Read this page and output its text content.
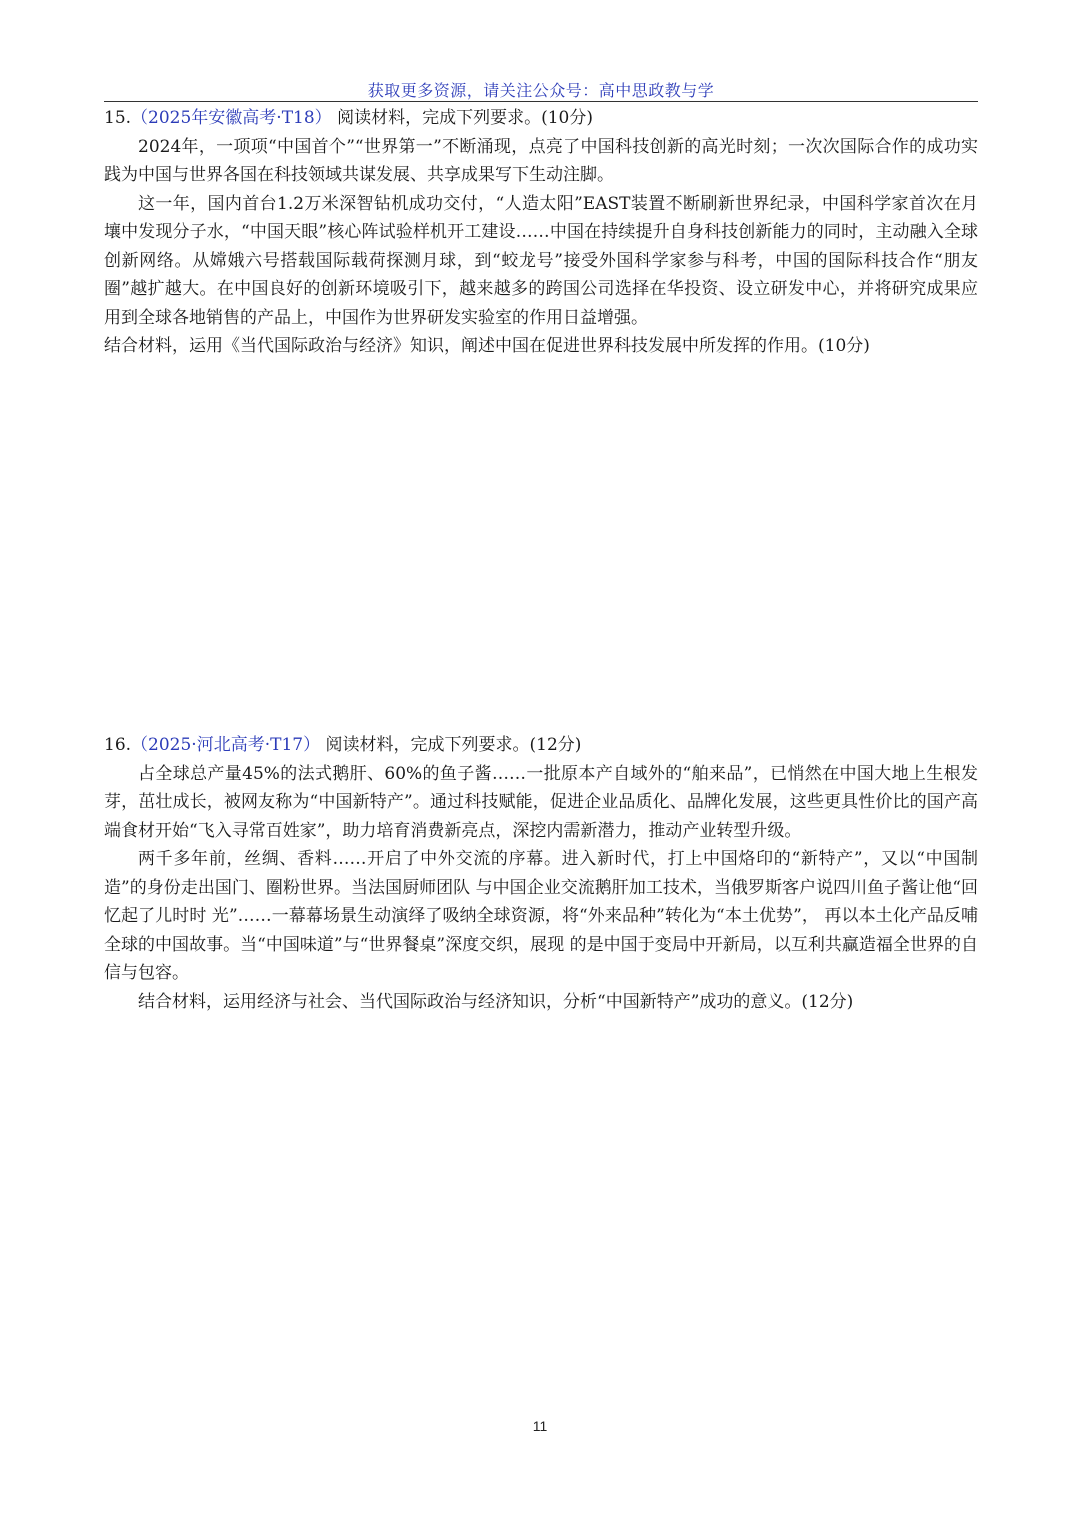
获取更多资源，请关注公众号：高中思政教与学

15.（2025年安徽高考·T18） 阅读材料，完成下列要求。(10分)

2024年，一项项“中国首个”“世界第一”不断涌现，点亮了中国科技创新的高光时刻；一次次国际合作的成功实践为中国与世界各国在科技领域共谋发展、共享成果写下生动注脚。

这一年，国内首台1.2万米深智钻机成功交付，“人造太阳”EAST装置不断刷新世界纪录，中国科学家首次在月壤中发现分子水，“中国天眼”核心阵试验样机开工建设……中国在持续提升自身科技创新能力的同时，主动融入全球创新网络。从嫦娥六号搭载国际载荷探测月球，到“蛟龙号”接受外国科学家参与科考，中国的国际科技合作“朋友圈”越扩越大。在中国良好的创新环境吸引下，越来越多的跨国公司选择在华投资、设立研发中心，并将研究成果应用到全球各地销售的产品上，中国作为世界研发实验室的作用日益增强。

结合材料，运用《当代国际政治与经济》知识，阐述中国在促进世界科技发展中所发挥的作用。(10分)

16.（2025·河北高考·T17） 阅读材料，完成下列要求。(12分)

占全球总产量45%的法式鹅肝、60%的鱼子酱……一批原本产自域外的“舶来品”，已悄然在中国大地上生根发芽，茁壮成长，被网友称为“中国新特产”。通过科技赋能，促进企业品质化、品牌化发展，这些更具性价比的国产高端食材开始“飞入寻常百姓家”，助力培育消费新亮点，深挖内需新潜力，推动产业转型升级。

两千多年前，丝绸、香料……开启了中外交流的序幕。进入新时代，打上中国烙印的“新特产”，又以“中国制造”的身份走出国门、圈粉世界。当法国厨师团队 与中国企业交流鹅肝加工技术，当俄罗斯客户说四川鱼子酱让他“回忆起了儿时时 光”……一幕幕场景生动演绎了吸纳全球资源，将“外来品种”转化为“本土优势”， 再以本土化产品反哺全球的中国故事。当“中国味道”与“世界餐桌”深度交织，展现 的是中国于变局中开新局，以互利共赢造福全世界的自信与包容。

结合材料，运用经济与社会、当代国际政治与经济知识，分析“中国新特产”成功的意义。(12分)

11
